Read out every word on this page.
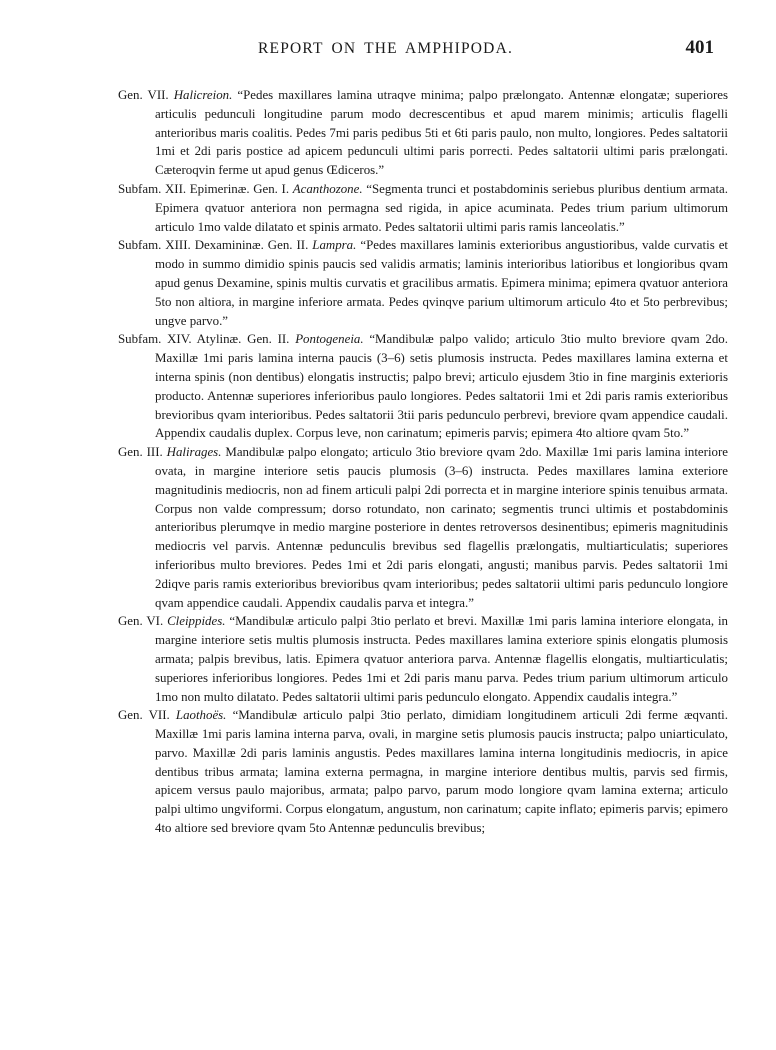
REPORT ON THE AMPHIPODA.	401

Gen. VII. Halicreion. “Pedes maxillares lamina utraqve minima; palpo prælongato. Antennæ elongatæ; superiores articulis pedunculi longitudine parum modo decrescentibus et apud marem minimis; articulis flagelli anterioribus maris coalitis. Pedes 7mi paris pedibus 5ti et 6ti paris paulo, non multo, longiores. Pedes saltatorii 1mi et 2di paris postice ad apicem pedunculi ultimi paris porrecti. Pedes saltatorii ultimi paris prælongati. Cæteroqvin ferme ut apud genus Œdiceros.”

Subfam. XII. Epimerinæ. Gen. I. Acanthozone. “Segmenta trunci et postabdominis seriebus pluribus dentium armata. Epimera qvatuor anteriora non permagna sed rigida, in apice acuminata. Pedes trium parium ultimorum articulo 1mo valde dilatato et spinis armato. Pedes saltatorii ultimi paris ramis lanceolatis.”

Subfam. XIII. Dexamininæ. Gen. II. Lampra. “Pedes maxillares laminis exterioribus angustioribus, valde curvatis et modo in summo dimidio spinis paucis sed validis armatis; laminis interioribus latioribus et longioribus qvam apud genus Dexamine, spinis multis curvatis et gracilibus armatis. Epimera minima; epimera qvatuor anteriora 5to non altiora, in margine inferiore armata. Pedes qvinqve parium ultimorum articulo 4to et 5to perbrevibus; ungve parvo.”

Subfam. XIV. Atylinæ. Gen. II. Pontogeneia. “Mandibulæ palpo valido; articulo 3tio multo breviore qvam 2do. Maxillæ 1mi paris lamina interna paucis (3–6) setis plumosis instructa. Pedes maxillares lamina externa et interna spinis (non dentibus) elongatis instructis; palpo brevi; articulo ejusdem 3tio in fine marginis exterioris producto. Antennæ superiores inferioribus paulo longiores. Pedes saltatorii 1mi et 2di paris ramis exterioribus brevioribus qvam interioribus. Pedes saltatorii 3tii paris pedunculo perbrevi, breviore qvam appendice caudali. Appendix caudalis duplex. Corpus leve, non carinatum; epimeris parvis; epimera 4to altiore qvam 5to.”

Gen. III. Halirages. Mandibulæ palpo elongato; articulo 3tio breviore qvam 2do. Maxillæ 1mi paris lamina interiore ovata, in margine interiore setis paucis plumosis (3–6) instructa. Pedes maxillares lamina exteriore magnitudinis mediocris, non ad finem articuli palpi 2di porrecta et in margine interiore spinis tenuibus armata. Corpus non valde compressum; dorso rotundato, non carinato; segmentis trunci ultimis et postabdominis anterioribus plerumqve in medio margine posteriore in dentes retroversos desinentibus; epimeris magnitudinis mediocris vel parvis. Antennæ pedunculis brevibus sed flagellis prælongatis, multiarticulatis; superiores inferioribus multo breviores. Pedes 1mi et 2di paris elongati, angusti; manibus parvis. Pedes saltatorii 1mi 2diqve paris ramis exterioribus brevioribus qvam interioribus; pedes saltatorii ultimi paris pedunculo longiore qvam appendice caudali. Appendix caudalis parva et integra.”

Gen. VI. Cleippides. “Mandibulæ articulo palpi 3tio perlato et brevi. Maxillæ 1mi paris lamina interiore elongata, in margine interiore setis multis plumosis instructa. Pedes maxillares lamina exteriore spinis elongatis plumosis armata; palpis brevibus, latis. Epimera qvatuor anteriora parva. Antennæ flagellis elongatis, multiarticulatis; superiores inferioribus longiores. Pedes 1mi et 2di paris manu parva. Pedes trium parium ultimorum articulo 1mo non multo dilatato. Pedes saltatorii ultimi paris pedunculo elongato. Appendix caudalis integra.”

Gen. VII. Laothoës. “Mandibulæ articulo palpi 3tio perlato, dimidiam longitudinem articuli 2di ferme æqvanti. Maxillæ 1mi paris lamina interna parva, ovali, in margine setis plumosis paucis instructa; palpo uniarticulato, parvo. Maxillæ 2di paris laminis angustis. Pedes maxillares lamina interna longitudinis mediocris, in apice dentibus tribus armata; lamina externa permagna, in margine interiore dentibus multis, parvis sed firmis, apicem versus paulo majoribus, armata; palpo parvo, parum modo longiore qvam lamina externa; articulo palpi ultimo ungviformi. Corpus elongatum, angustum, non carinatum; capite inflato; epimeris parvis; epimero 4to altiore sed breviore qvam 5to Antennæ pedunculis brevibus;
